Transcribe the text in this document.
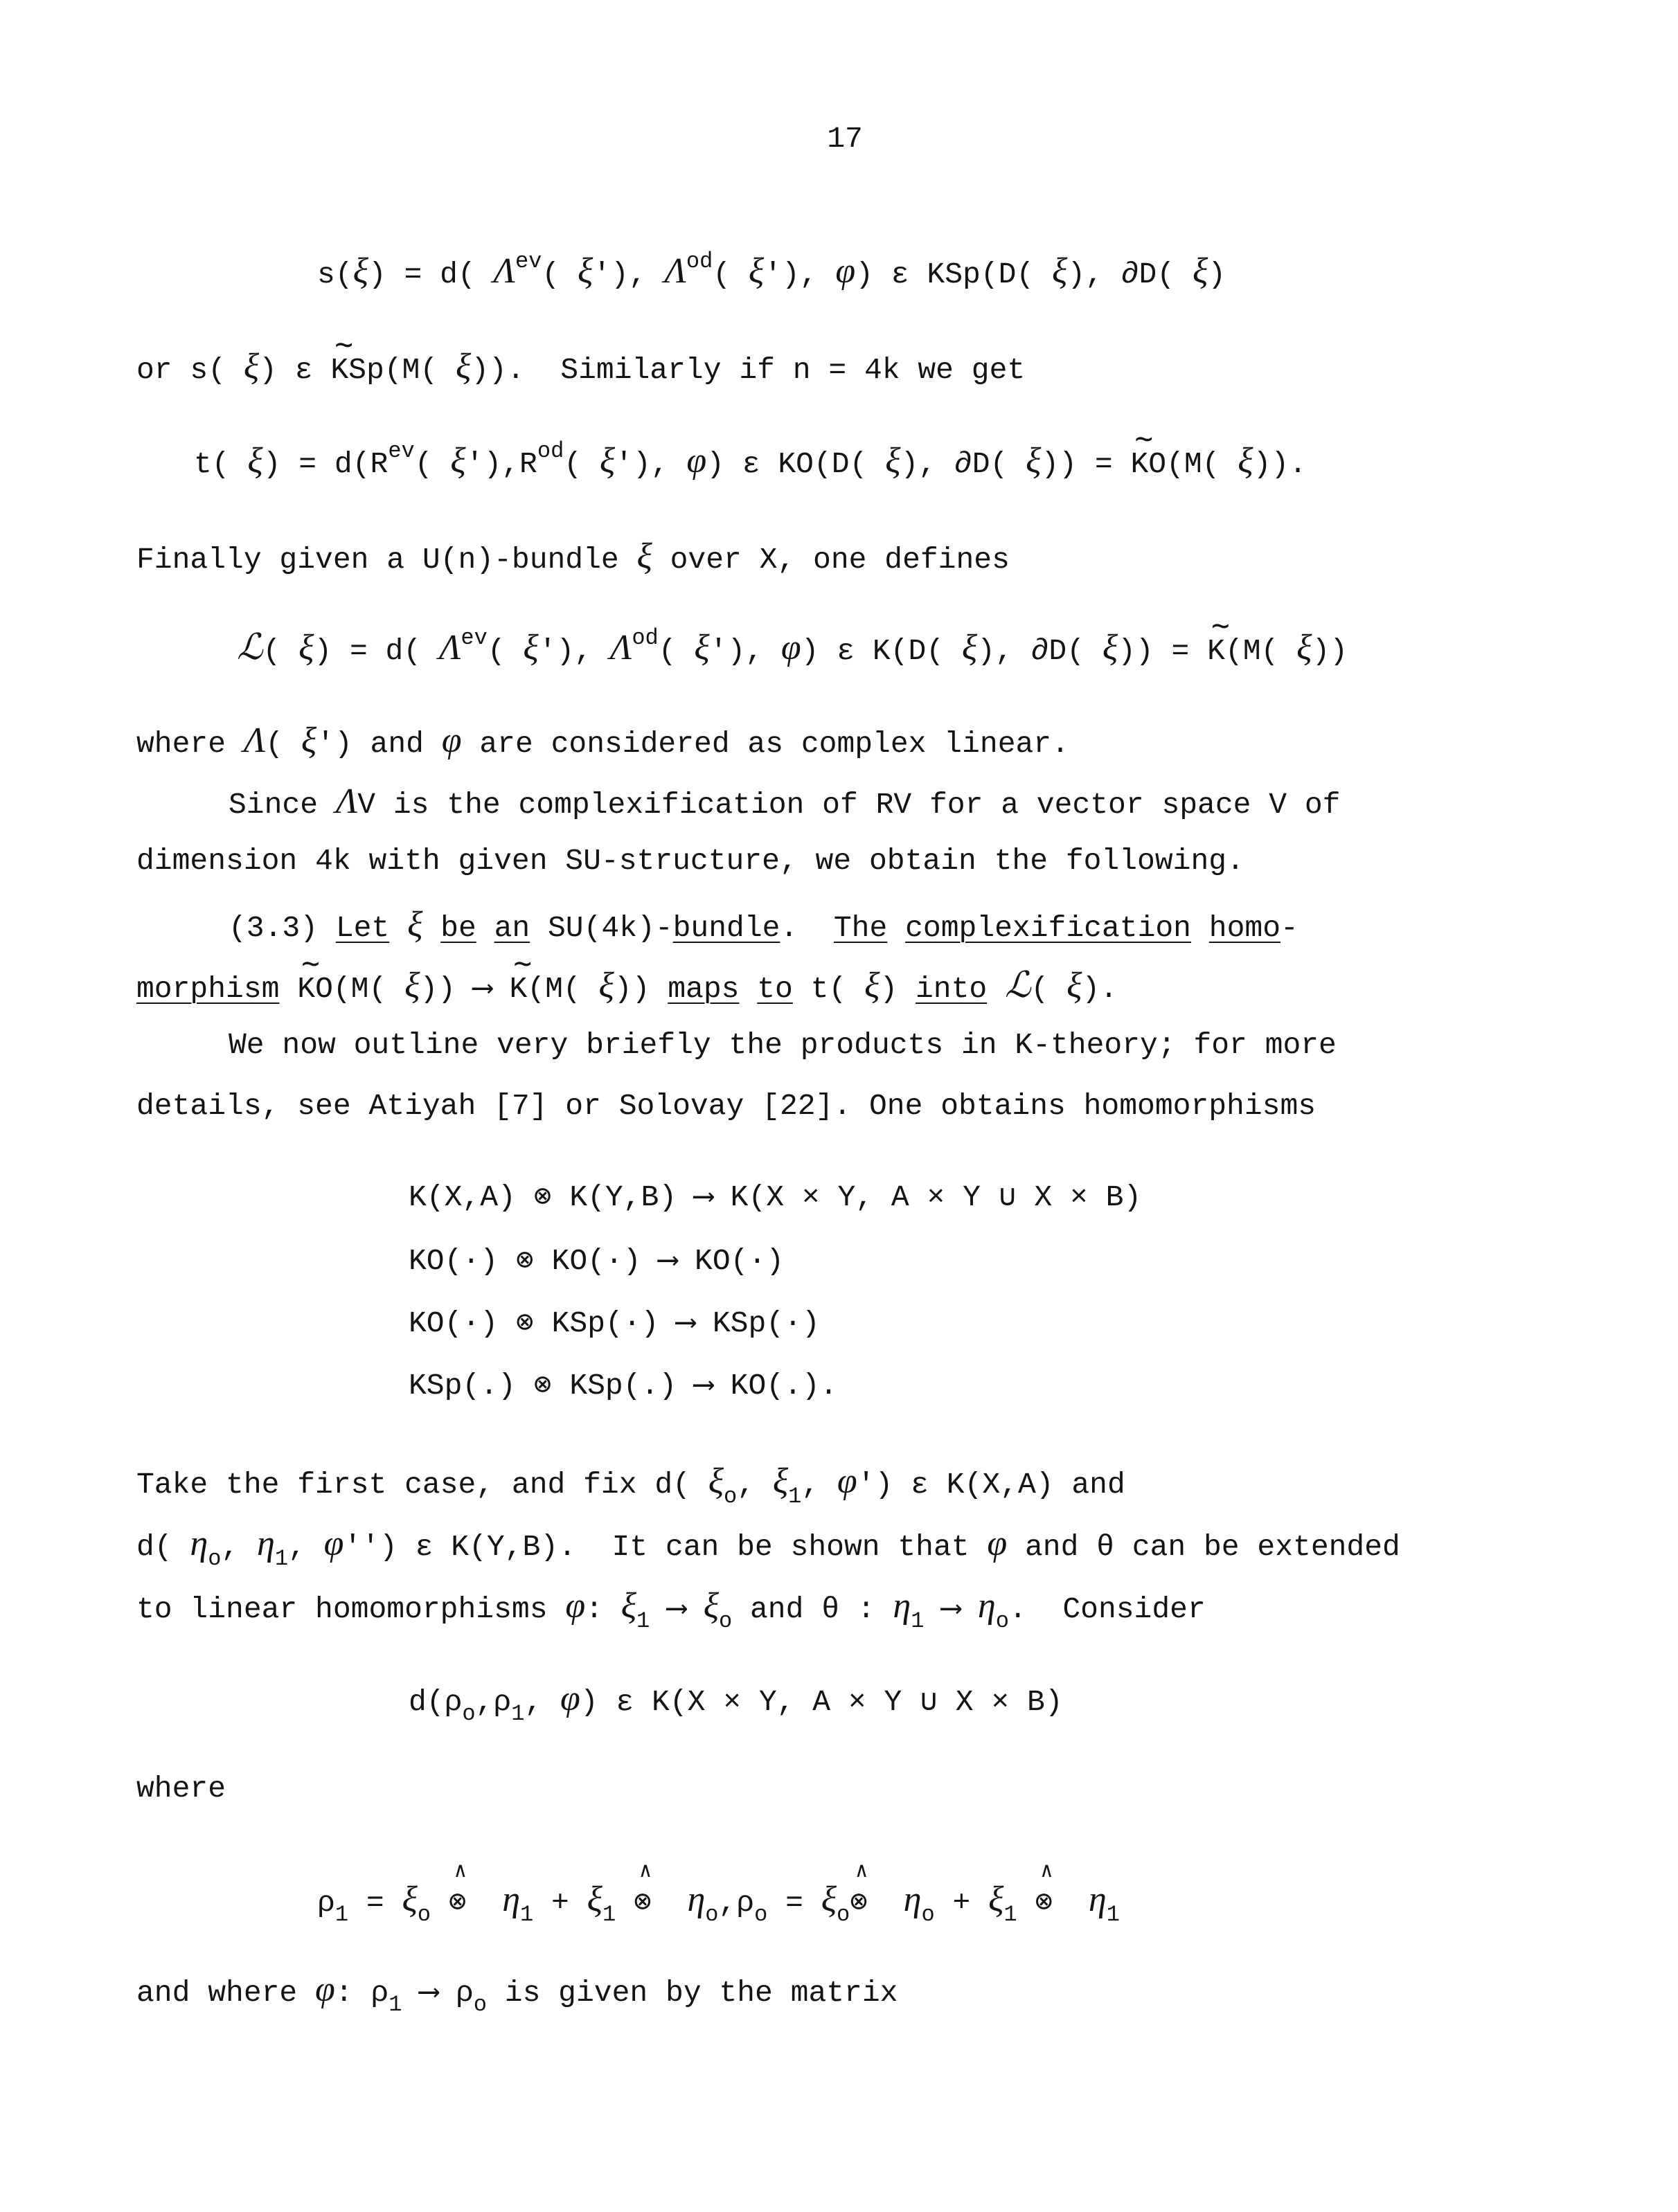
17
s(ξ) = d( $\Lambda^{ev}$( ξ'), $\Lambda^{od}$( ξ'), φ) ε KSp(D( ξ), ∂D( ξ)
or s( ξ) ε ∼ KSp(M( ξ)).  Similarly if n = 4k we get
t( $\xi) = d(R^{ev}$( $\xi'),R^{od}$( ξ'), φ) ε KO(D( ξ), ∂D( ξ)) = ∼ KO(M( ξ)).
Finally given a U(n)-bundle ξ over X, one defines
ℒ( ξ) = d( $\Lambda^{ev}$( ξ'), $\Lambda^{od}$( ξ'), φ) ε K(D( ξ), ∂D( ξ)) = ∼ K(M( ξ))
where Λ( ξ') and φ are considered as complex linear.
Since ΛV is the complexification of RV for a vector space V of
dimension 4k with given SU-structure, we obtain the following.
(3.3) Let ξ be an SU(4k)-bundle.  The complexification homo-
morphism ∼ KO(M( ξ)) ⟶ ∼ K(M( ξ)) maps to t( ξ) into ℒ( ξ).
We now outline very briefly the products in K-theory; for more
details, see Atiyah [7] or Solovay [22]. One obtains homomorphisms
K(X,A) ⊗ K(Y,B) ⟶ K(X × Y, A × Y ∪ X × B)
KO(·) ⊗ KO(·) ⟶ KO(·)
KO(·) ⊗ KSp(·) ⟶ KSp(·)
KSp(.) ⊗ KSp(.) ⟶ KO(.).
Take the first case, and fix d( $\xi_o$, $\xi_1$, φ') ε K(X,A) and
d( $\eta_o$, $\eta_1$, φ'') ε K(Y,B).  It can be shown that φ and θ can be extended
to linear homomorphisms φ: $\xi_1$ ⟶ $\xi_o$ and θ : $\eta_1$ ⟶ $\eta_o$.  Consider
$d(\rho_o,\rho_1$, φ) ε K(X × Y, A × Y ∪ X × B)
where
$\rho_1 = \xi_o$ ∧ ⊗ $\eta_1 + \xi_1$ ∧ ⊗ $\eta_o,\rho_o$ = $\xi_o\wedge$ ⊗ $\eta_o + \xi_1$ ∧ ⊗ $\eta_1$
and where φ: $\rho_1$ ⟶ $\rho_o$ is given by the matrix
